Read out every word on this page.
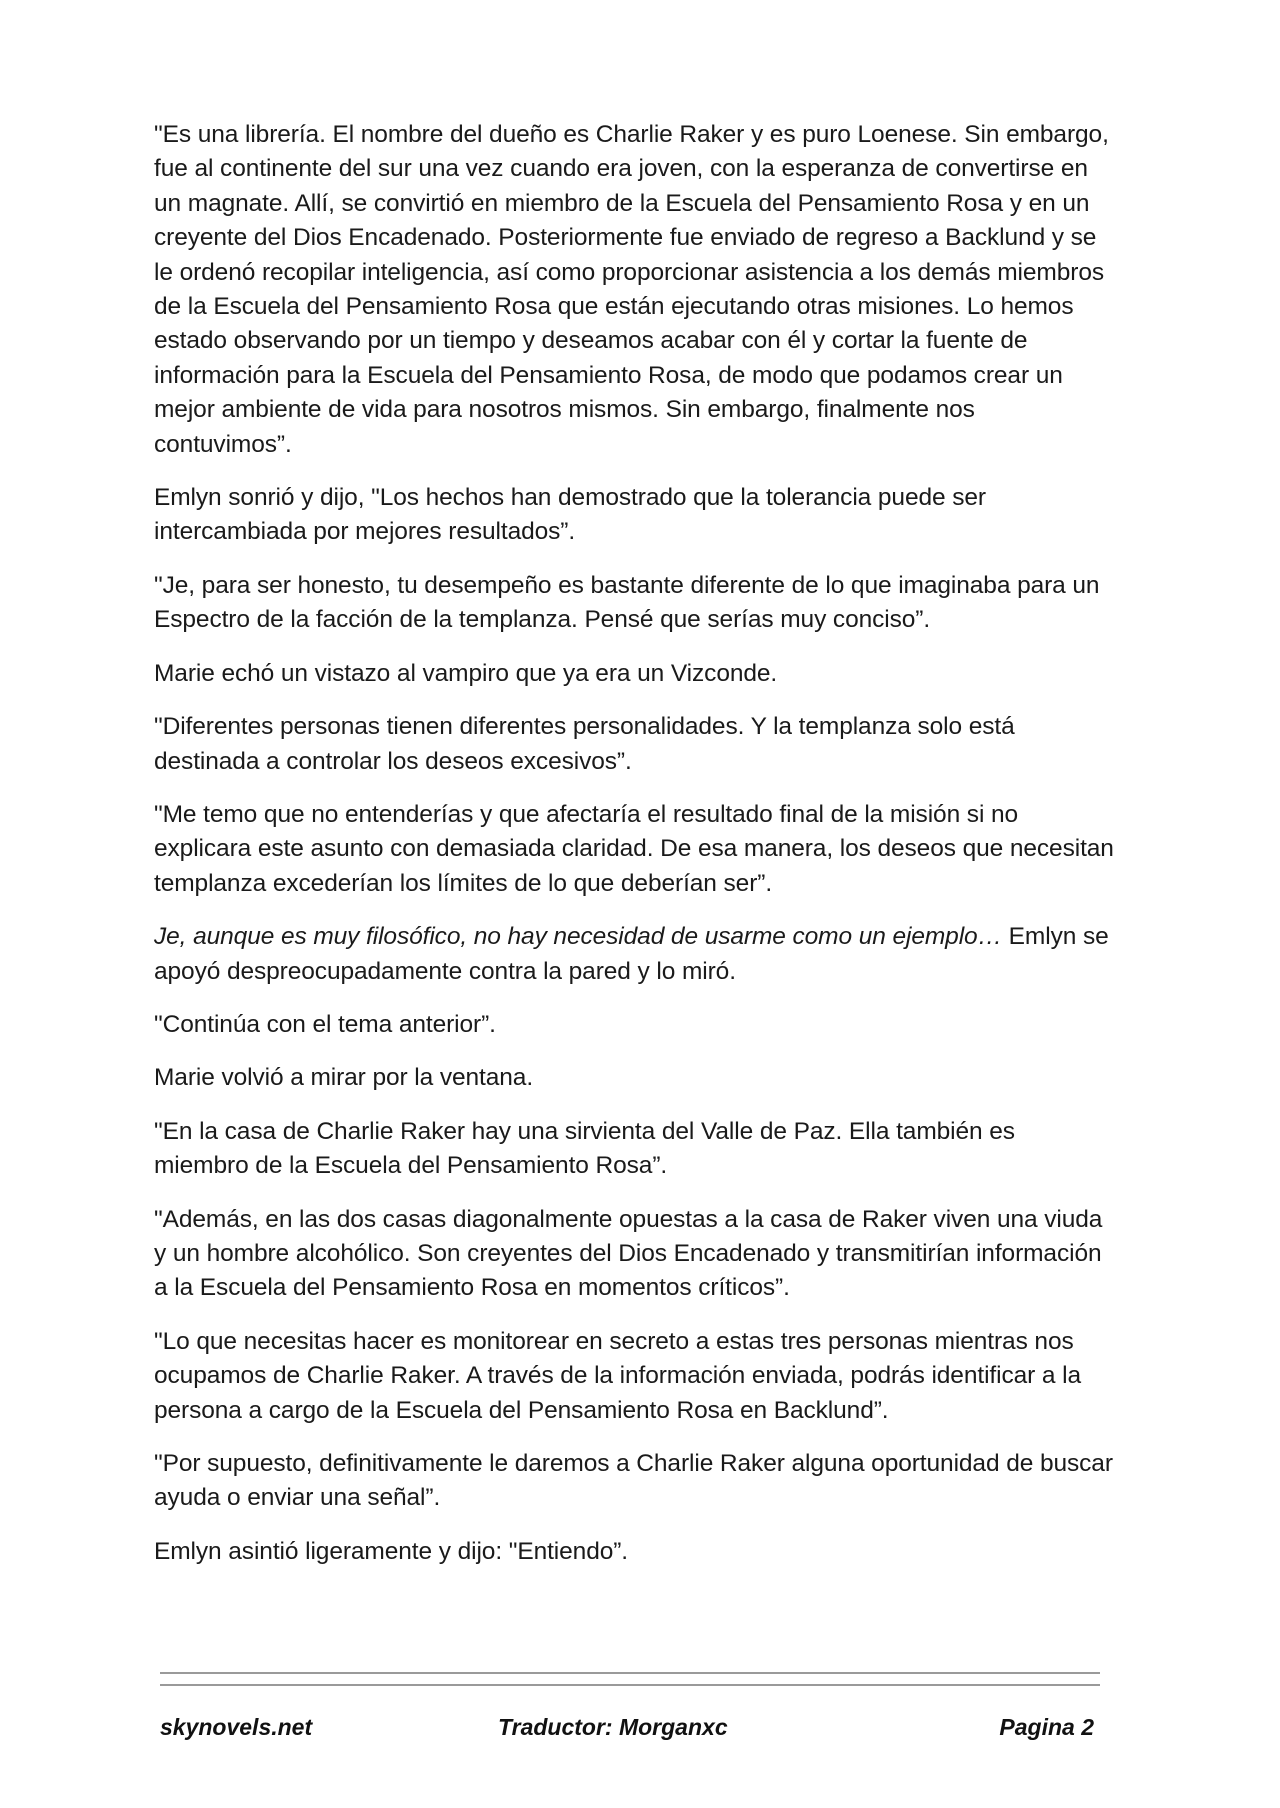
"Es una librería. El nombre del dueño es Charlie Raker y es puro Loenese. Sin embargo, fue al continente del sur una vez cuando era joven, con la esperanza de convertirse en un magnate. Allí, se convirtió en miembro de la Escuela del Pensamiento Rosa y en un creyente del Dios Encadenado. Posteriormente fue enviado de regreso a Backlund y se le ordenó recopilar inteligencia, así como proporcionar asistencia a los demás miembros de la Escuela del Pensamiento Rosa que están ejecutando otras misiones. Lo hemos estado observando por un tiempo y deseamos acabar con él y cortar la fuente de información para la Escuela del Pensamiento Rosa, de modo que podamos crear un mejor ambiente de vida para nosotros mismos. Sin embargo, finalmente nos contuvimos”.

Emlyn sonrió y dijo, "Los hechos han demostrado que la tolerancia puede ser intercambiada por mejores resultados”.

"Je, para ser honesto, tu desempeño es bastante diferente de lo que imaginaba para un Espectro de la facción de la templanza. Pensé que serías muy conciso”.

Marie echó un vistazo al vampiro que ya era un Vizconde.

"Diferentes personas tienen diferentes personalidades. Y la templanza solo está destinada a controlar los deseos excesivos”.

"Me temo que no entenderías y que afectaría el resultado final de la misión si no explicara este asunto con demasiada claridad. De esa manera, los deseos que necesitan templanza excederían los límites de lo que deberían ser”.

Je, aunque es muy filosófico, no hay necesidad de usarme como un ejemplo… Emlyn se apoyó despreocupadamente contra la pared y lo miró.

"Continúa con el tema anterior”.

Marie volvió a mirar por la ventana.

"En la casa de Charlie Raker hay una sirvienta del Valle de Paz. Ella también es miembro de la Escuela del Pensamiento Rosa”.

"Además, en las dos casas diagonalmente opuestas a la casa de Raker viven una viuda y un hombre alcohólico. Son creyentes del Dios Encadenado y transmitirían información a la Escuela del Pensamiento Rosa en momentos críticos”.

"Lo que necesitas hacer es monitorear en secreto a estas tres personas mientras nos ocupamos de Charlie Raker. A través de la información enviada, podrás identificar a la persona a cargo de la Escuela del Pensamiento Rosa en Backlund”.

"Por supuesto, definitivamente le daremos a Charlie Raker alguna oportunidad de buscar ayuda o enviar una señal”.

Emlyn asintió ligeramente y dijo: "Entiendo”.

skynovels.net	Traductor: Morganxc	Pagina 2
